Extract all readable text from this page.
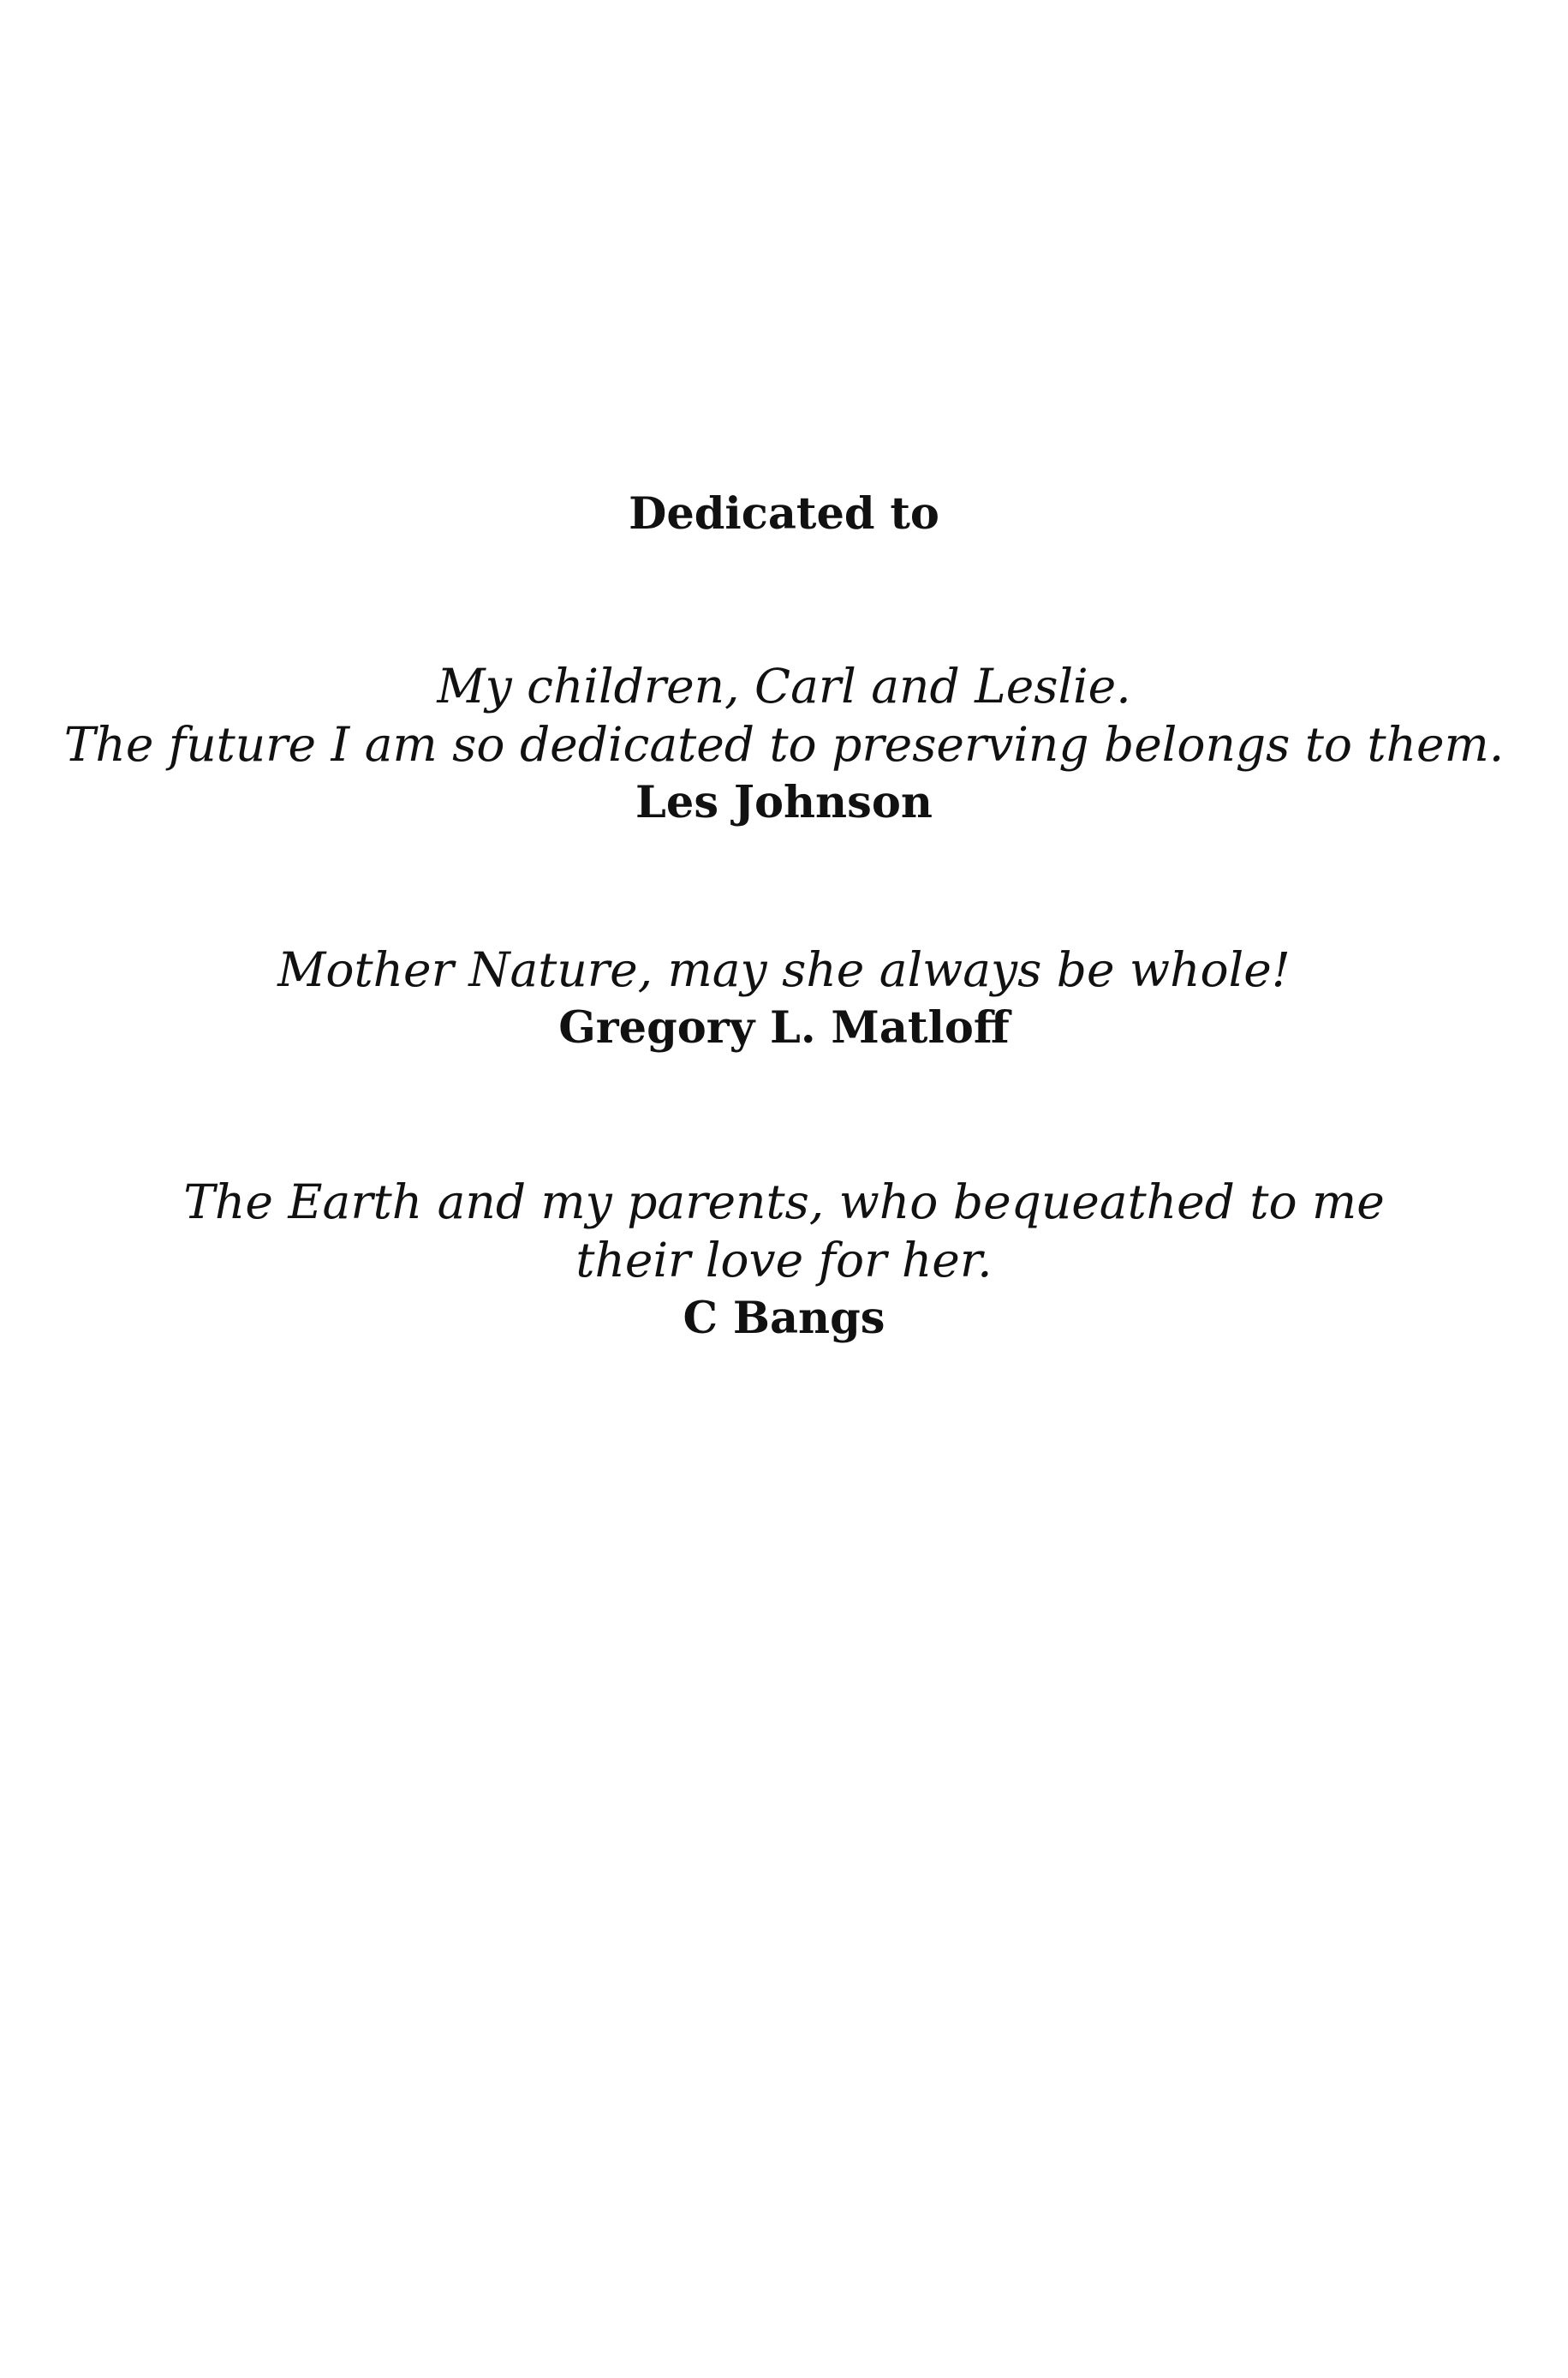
Dedicated to
My children, Carl and Leslie.
The future I am so dedicated to preserving belongs to them.
Les Johnson
Mother Nature, may she always be whole!
Gregory L. Matloff
The Earth and my parents, who bequeathed to me
their love for her.
C Bangs
